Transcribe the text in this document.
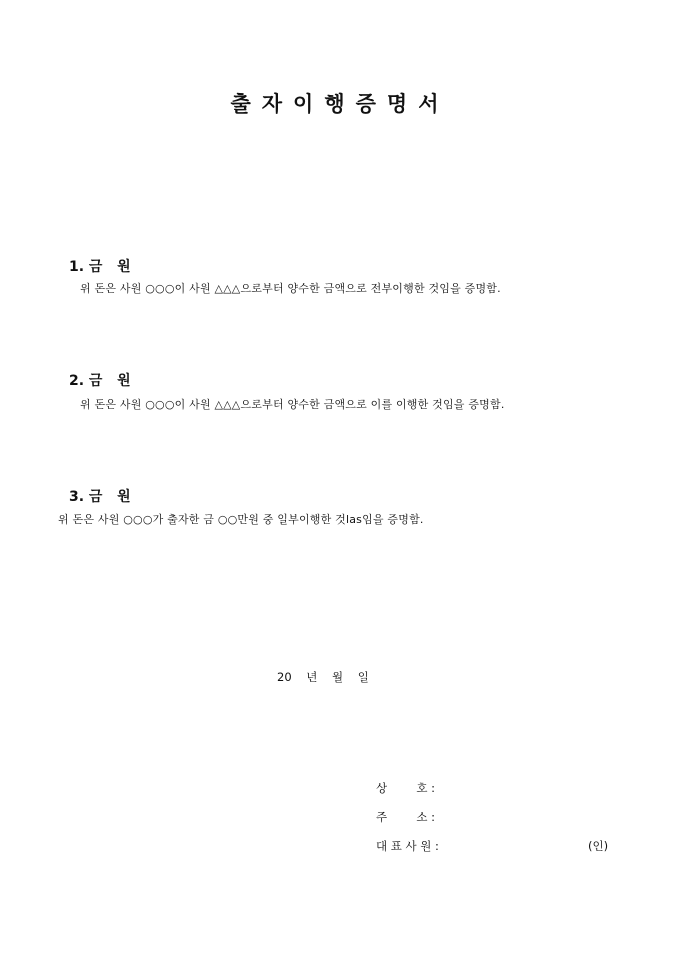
출자이행증명서
1. 금   원
위 돈은 사원 ○○○이 사원 △△△으로부터 양수한 금액으로 전부이행한 것임을 증명함.
2. 금   원
위 돈은 사원 ○○○이 사원 △△△으로부터 양수한 금액으로 이를 이행한 것임을 증명함.
3. 금   원
위 돈은 사원 ○○○가 출자한 금 ○○만원 중 일부이행한 것las임을 증명함.
20    년    월    일
상        호 :
주        소 :
대 표 사 원 :	(인)
